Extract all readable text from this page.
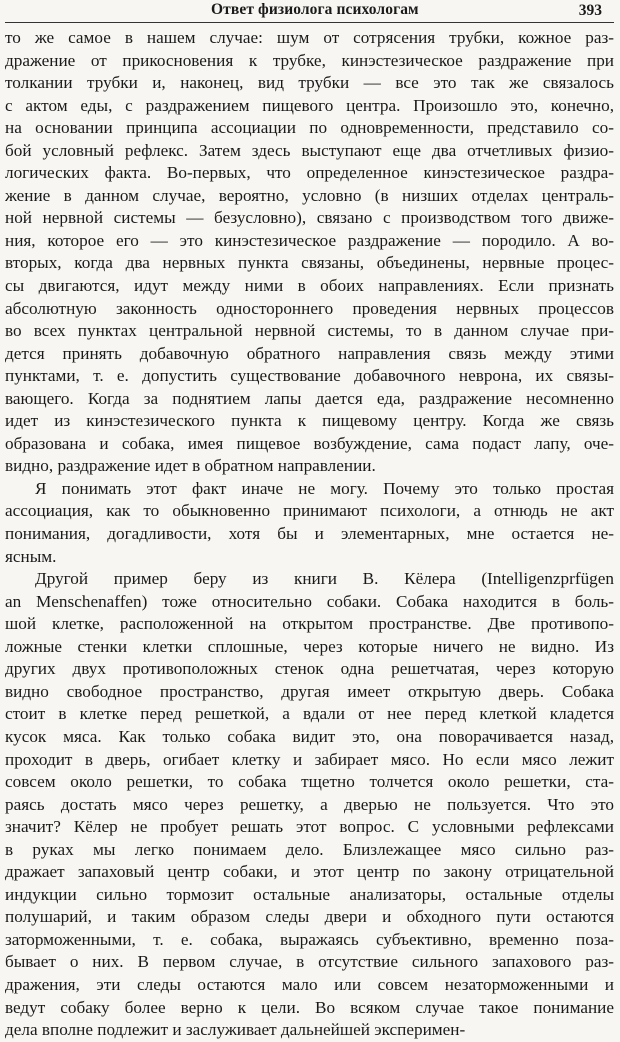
Ответ физиолога психологам	393
то же самое в нашем случае: шум от сотрясения трубки, кожное раз-
дражение от прикосновения к трубке, кинэстезическое раздражение при
толкании трубки и, наконец, вид трубки — все это так же связалось
с актом еды, с раздражением пищевого центра. Произошло это, конечно,
на основании принципа ассоциации по одновременности, представило со-
бой условный рефлекс. Затем здесь выступают еще два отчетливых физио-
логических факта. Во-первых, что определенное кинэстезическое раздра-
жение в данном случае, вероятно, условно (в низших отделах централь-
ной нервной системы — безусловно), связано с производством того движе-
ния, которое его — это кинэстезическое раздражение — породило. А во-
вторых, когда два нервных пункта связаны, объединены, нервные процес-
сы двигаются, идут между ними в обоих направлениях. Если признать
абсолютную законность одностороннего проведения нервных процессов
во всех пунктах центральной нервной системы, то в данном случае при-
дется принять добавочную обратного направления связь между этими
пунктами, т. е. допустить существование добавочного неврона, их связы-
вающего. Когда за поднятием лапы дается еда, раздражение несомненно
идет из кинэстезического пункта к пищевому центру. Когда же связь
образована и собака, имея пищевое возбуждение, сама подаст лапу, оче-
видно, раздражение идет в обратном направлении.
Я понимать этот факт иначе не могу. Почему это только простая
ассоциация, как то обыкновенно принимают психологи, а отнюдь не акт
понимания, догадливости, хотя бы и элементарных, мне остается не-
ясным.
Другой пример беру из книги В. Кёлера (Intelligenzprfügen
an Menschenaffen) тоже относительно собаки. Собака находится в боль-
шой клетке, расположенной на открытом пространстве. Две противопо-
ложные стенки клетки сплошные, через которые ничего не видно. Из
других двух противоположных стенок одна решетчатая, через которую
видно свободное пространство, другая имеет открытую дверь. Собака
стоит в клетке перед решеткой, а вдали от нее перед клеткой кладется
кусок мяса. Как только собака видит это, она поворачивается назад,
проходит в дверь, огибает клетку и забирает мясо. Но если мясо лежит
совсем около решетки, то собака тщетно толчется около решетки, ста-
раясь достать мясо через решетку, а дверью не пользуется. Что это
значит? Кёлер не пробует решать этот вопрос. С условными рефлексами
в руках мы легко понимаем дело. Близлежащее мясо сильно раз-
дражает запаховый центр собаки, и этот центр по закону отрицательной
индукции сильно тормозит остальные анализаторы, остальные отделы
полушарий, и таким образом следы двери и обходного пути остаются
заторможенными, т. е. собака, выражаясь субъективно, временно поза-
бывает о них. В первом случае, в отсутствие сильного запахового раз-
дражения, эти следы остаются мало или совсем незаторможенными и
ведут собаку более верно к цели. Во всяком случае такое понимание
дела вполне подлежит и заслуживает дальнейшей эксперимен-
